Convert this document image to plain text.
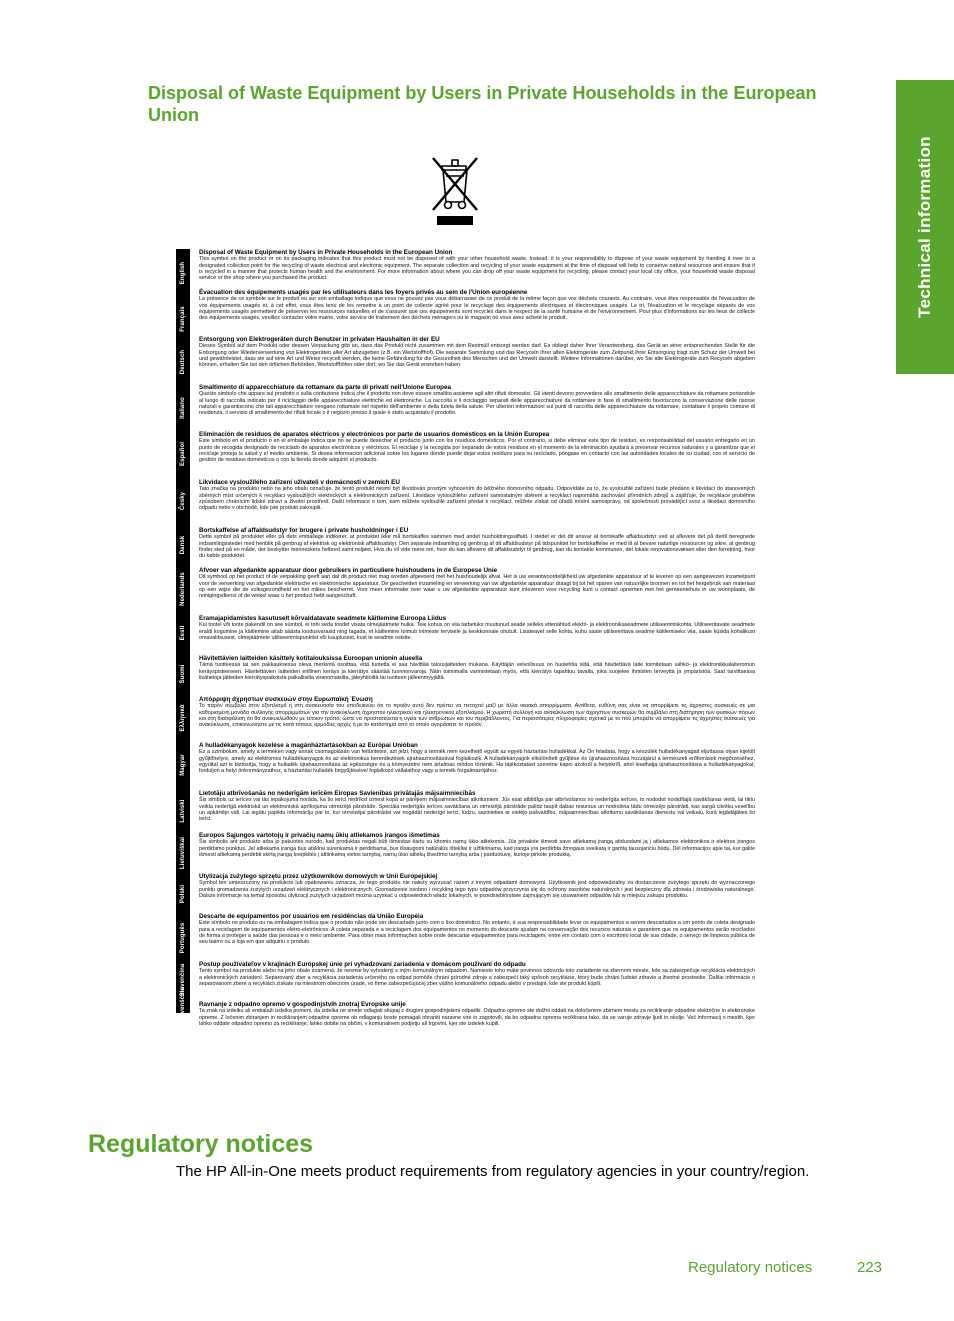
Technical information
Disposal of Waste Equipment by Users in Private Households in the European Union
English
Français
Deutsch
Italiano
Español
Česky
Dansk
Nederlands
Eesti
Suomi
Ελληνικά
Magyar
Latviski
Lietuviškai
Polski
Português
Slovenčina
Slovenščina
Disposal of Waste Equipment by Users in Private Households in the European Union
This symbol on the product or on its packaging indicates that this product must not be disposed of with your other household waste. Instead, it is your responsibility to dispose of your waste equipment by handing it over to a designated collection point for the recycling of waste electrical and electronic equipment. The separate collection and recycling of your waste equipment at the time of disposal will help to conserve natural resources and ensure that it is recycled in a manner that protects human health and the environment. For more information about where you can drop off your waste equipment for recycling, please contact your local city office, your household waste disposal service or the shop where you purchased the product.
Évacuation des équipements usagés par les utilisateurs dans les foyers privés au sein de l'Union européenne
La présence de ce symbole sur le produit ou sur son emballage indique que vous ne pouvez pas vous débarrasser de ce produit de la même façon que vos déchets courants. Au contraire, vous êtes responsable de l'évacuation de vos équipements usagés et, à cet effet, vous êtes tenu de les remettre à un point de collecte agréé pour le recyclage des équipements électriques et électroniques usagés. Le tri, l'évacuation et le recyclage séparés de vos équipements usagés permettent de préserver les ressources naturelles et de s'assurer que ces équipements sont recyclés dans le respect de la santé humaine et de l'environnement. Pour plus d'informations sur les lieux de collecte des équipements usagés, veuillez contacter votre mairie, votre service de traitement des déchets ménagers ou le magasin où vous avez acheté le produit.
Entsorgung von Elektrogeräten durch Benutzer in privaten Haushalten in der EU
Dieses Symbol auf dem Produkt oder dessen Verpackung gibt an, dass das Produkt nicht zusammen mit dem Restmüll entsorgt werden darf. Es obliegt daher Ihrer Verantwortung, das Gerät an einer entsprechenden Stelle für die Entsorgung oder Wiederverwertung von Elektrogeräten aller Art abzugeben (z.B. ein Wertstoffhof). Die separate Sammlung und das Recyceln Ihrer alten Elektrogeräte zum Zeitpunkt ihrer Entsorgung trägt zum Schutz der Umwelt bei und gewährleistet, dass sie auf eine Art und Weise recycelt werden, die keine Gefährdung für die Gesundheit des Menschen und der Umwelt darstellt. Weitere Informationen darüber, wo Sie alte Elektrogeräte zum Recyceln abgeben können, erhalten Sie bei den örtlichen Behörden, Wertstoffhöfen oder dort, wo Sie das Gerät erworben haben.
Smaltimento di apparecchiature da rottamare da parte di privati nell'Unione Europea
Questo simbolo che appare sul prodotto o sulla confezione indica che il prodotto non deve essere smaltito assieme agli altri rifiuti domestici. Gli utenti devono provvedere allo smaltimento delle apparecchiature da rottamare portandole al luogo di raccolta indicato per il riciclaggio delle apparecchiature elettriche ed elettroniche. La raccolta e il riciclaggio separati delle apparecchiature da rottamare in fase di smaltimento favoriscono la conservazione delle risorse naturali e garantiscono che tali apparecchiature vengano rottamate nel rispetto dell'ambiente e della tutela della salute. Per ulteriori informazioni sui punti di raccolta delle apparecchiature da rottamare, contattare il proprio comune di residenza, il servizio di smaltimento dei rifiuti locale o il negozio presso il quale è stato acquistato il prodotto.
Eliminación de residuos de aparatos eléctricos y electrónicos por parte de usuarios domésticos en la Unión Europea
Este símbolo en el producto o en el embalaje indica que no se puede desechar el producto junto con los residuos domésticos. Por el contrario, si debe eliminar este tipo de residuo, es responsabilidad del usuario entregarlo en un punto de recogida designado de reciclado de aparatos electrónicos y eléctricos. El reciclaje y la recogida por separado de estos residuos en el momento de la eliminación ayudará a preservar recursos naturales y a garantizar que el reciclaje proteja la salud y el medio ambiente. Si desea información adicional sobre los lugares donde puede dejar estos residuos para su reciclado, póngase en contacto con las autoridades locales de su ciudad, con el servicio de gestión de residuos domésticos o con la tienda donde adquirió el producto.
Likvidace vysloužilého zařízení uživateli v domácnosti v zemích EU
Tato značka na produktu nebo na jeho obalu označuje, že tento produkt nesmí být likvidován prostým vyhozením do běžného domovního odpadu. Odpovídáte za to, že vysloužilé zařízení bude předáno k likvidaci do stanovených sběrných míst určených k recyklaci vysloužilých elektrických a elektronických zařízení. Likvidace vysloužilého zařízení samostatným sběrem a recyklací napomáhá zachování přírodních zdrojů a zajišťuje, že recyklace proběhne způsobem chránícím lidské zdraví a životní prostředí. Další informace o tom, kam můžete vysloužilé zařízení předat k recyklaci, můžete získat od úřadů místní samosprávy, od společnosti provádějící svoz a likvidaci domovního odpadu nebo v obchodě, kde jste produkt zakoupili.
Bortskaffelse af affaldsudstyr for brugere i private husholdninger i EU
Dette symbol på produktet eller på dets emballage indikerer, at produktet ikke må bortskaffes sammen med andet husholdningsaffald. I stedet er det dit ansvar at bortskaffe affaldsudstyr ved at aflevere det på dertil beregnede indsamlingssteder med henblik på genbrug af elektrisk og elektronisk affaldsudstyr. Den separate indsamling og genbrug af dit affaldsudstyr på tidspunktet for bortskaffelse er med til at bevare naturlige ressourcer og sikre, at genbrug finder sted på en måde, der beskytter menneskers helbred samt miljøet. Hvis du vil vide mere om, hvor du kan aflevere dit affaldsudstyr til genbrug, kan du kontakte kommunen, det lokale renovationsvæsen eller den forretning, hvor du købte produktet.
Afvoer van afgedankte apparatuur door gebruikers in particuliere huishoudens in de Europese Unie
Dit symbool op het product of de verpakking geeft aan dat dit product niet mag worden afgevoerd met het huishoudelijk afval. Het is uw verantwoordelijkheid uw afgedankte apparatuur af te leveren op een aangewezen inzamelpunt voor de verwerking van afgedankte elektrische en elektronische apparatuur. De gescheiden inzameling en verwerking van uw afgedankte apparatuur draagt bij tot het sparen van natuurlijke bronnen en tot het hergebruik van materiaal op een wijze die de volksgezondheid en het milieu beschermt. Voor meer informatie over waar u uw afgedankte apparatuur kunt inleveren voor recycling kunt u contact opnemen met het gemeentehuis in uw woonplaats, de reinigingsdienst of de winkel waar u het product hebt aangeschaft.
Eramajapidamistes kasutuselt kõrvaldatavate seadmete käitlemine Euroopa Liidus
Kui tootel või toote pakendil on see sümbol, ei tohi seda toodet visata olmejäätmete hulka. Teie kohus on viia tarbetuks muutunud seade selleks ettenähtud elektri- ja elektroonikaseadmete utiliseerimiskohta. Utiliseeritavate seadmete eraldi kogumine ja käitlemine aitab säästa loodusvarasid ning tagada, et käitlemine toimub inimeste tervisele ja keskkonnale ohutult. Lisateavet selle kohta, kuhu saate utiliseeritava seadme käitlemiseks viia, saate küsida kohalikust omavalitsusest, olmejäätmete utiliseerimispunktist või kauplusest, kust te seadme ostsite.
Hävitettävien laitteiden käsittely kotitalouksissa Euroopan unionin alueella
Tämä tuotteessa tai sen pakkauksessa oleva merkintä osoittaa, että tuotetta ei saa hävittää talousjätteiden mukana. Käyttäjän velvollisuus on huolehtia siitä, että hävitettävä laite toimitetaan sähkö- ja elektroniikkalaiteromun keräyspisteeseen. Hävitettävien laitteiden erillinen keräys ja kierrätys säästää luonnonvaroja. Näin toimimalla varmistetaan myös, että kierrätys tapahtuu tavalla, joka suojelee ihmisten terveyttä ja ympäristöä. Saat tarvittaessa lisätietoja jätteiden kierrätyspaikoista paikallisilta viranomaisilta, jäteyhtiöiltä tai tuotteen jälleenmyyjältä.
Απόρριψη άχρηστων συσκευών στην Ευρωπαϊκή Ένωση
Το παρόν σύμβολο στον εξοπλισμό ή στη συσκευασία του υποδεικνύει ότι το προϊόν αυτό δεν πρέπει να πεταχτεί μαζί με άλλα οικιακά απορρίμματα. Αντίθετα, ευθύνη σας είναι να απορρίψετε τις άχρηστες συσκευές σε μια καθορισμένη μονάδα συλλογής απορριμμάτων για την ανακύκλωση άχρηστου ηλεκτρικού και ηλεκτρονικού εξοπλισμού. Η χωριστή συλλογή και ανακύκλωση των άχρηστων συσκευών θα συμβάλει στη διατήρηση των φυσικών πόρων και στη διασφάλιση ότι θα ανακυκλωθούν με τέτοιον τρόπο, ώστε να προστατεύεται η υγεία των ανθρώπων και του περιβάλλοντος. Για περισσότερες πληροφορίες σχετικά με το πού μπορείτε να απορρίψετε τις άχρηστες συσκευές για ανακύκλωση, επικοινωνήστε με τις κατά τόπους αρμόδιες αρχές ή με το κατάστημα από το οποίο αγοράσατε το προϊόν.
A hulladékanyagok kezelése a magánháztartásokban az Európai Unióban
Ez a szimbólum, amely a terméken vagy annak csomagolásán van feltüntetve, azt jelzi, hogy a termék nem kezelhető együtt az egyéb háztartási hulladékkal. Az Ön feladata, hogy a készülék hulladékanyagait eljuttassa olyan kijelölt gyűjtőhelyre, amely az elektromos hulladékanyagok és az elektronikus berendezések újrahasznosításával foglalkozik. A hulladékanyagok elkülönített gyűjtése és újrahasznosítása hozzájárul a természeti erőforrások megőrzéséhez, egyúttal azt is biztosítja, hogy a hulladék újrahasznosítása az egészségre és a környezetre nem ártalmas módon történik. Ha tájékoztatást szeretne kapni azokról a helyekről, ahol leadhatja újrahasznosításra a hulladékanyagokat, forduljon a helyi önkormányzathoz, a háztartási hulladék begyűjtésével foglalkozó vállalathoz vagy a termék forgalmazójához.
Lietotāju atbrīvošanās no nederīgām ierīcēm Eiropas Savienības privātajās mājsaimniecībās
Šis simbols uz ierīces vai tās iepakojuma norāda, ka šo ierīci nedrīkst izmest kopā ar pārējiem mājsaimniecības atkritumiem. Jūs esat atbildīgs par atbrīvošanos no nederīgās ierīces, to nododot norādītajā savākšanas vietā, lai tiktu veikta nederīgā elektriskā un elektroniskā aprīkojuma otrreizējā pārstrāde. Speciāla nederīgās ierīces savākšana un otrreizējā pārstrāde palīdz taupīt dabas resursus un nodrošina tādu otrreizējo pārstrādi, kas sargā cilvēku veselību un apkārtējo vidi. Lai iegūtu papildu informāciju par to, kur otrreizējai pārstrādei var nogādāt nederīgo ierīci, lūdzu, sazinieties ar vietējo pašvaldību, mājsaimniecības atkritumu savākšanas dienestu vai veikalu, kurā iegādājāties šo ierīci.
Europos Sąjungos vartotojų ir privačių namų ūkių atliekamos įrangos išmetimas
Šis simbolis ant produkto arba jo pakuotės nurodo, kad produktas negali būti išmestas kartu su kitomis namų ūkio atliekomis. Jūs privalote išmesti savo atliekamą įrangą atiduodami ją į atliekamos elektronikos ir elektros įrangos perdirbimo punktus. Jei atliekama įranga bus atskirai surenkama ir perdirbama, bus išsaugomi natūralūs ištekliai ir užtikrinama, kad įranga yra perdirbta žmogaus sveikatą ir gamtą tausojančiu būdu. Dėl informacijos apie tai, kur galite išmesti atliekamą perdirbti skirtą įrangą kreipkitės į atitinkamą vietos tarnybą, namų ūkio atliekų išvežimo tarnybą arba į parduotuvę, kurioje pirkote produktą.
Utylizacja zużytego sprzętu przez użytkowników domowych w Unii Europejskiej
Symbol ten umieszczony na produkcie lub opakowaniu oznacza, że tego produktu nie należy wyrzucać razem z innymi odpadami domowymi. Użytkownik jest odpowiedzialny za dostarczenie zużytego sprzętu do wyznaczonego punktu gromadzenia zużytych urządzeń elektrycznych i elektronicznych. Gromadzenie osobno i recykling tego typu odpadów przyczynia się do ochrony zasobów naturalnych i jest bezpieczny dla zdrowia i środowiska naturalnego. Dalsze informacje na temat sposobu utylizacji zużytych urządzeń można uzyskać u odpowiednich władz lokalnych, w przedsiębiorstwie zajmującym się usuwaniem odpadów lub w miejscu zakupu produktu.
Descarte de equipamentos por usuários em residências da União Européia
Este símbolo no produto ou na embalagem indica que o produto não pode ser descartado junto com o lixo doméstico. No entanto, é sua responsabilidade levar os equipamentos a serem descartados a um ponto de coleta designado para a reciclagem de equipamentos eletro-eletrônicos. A coleta separada e a reciclagem dos equipamentos no momento do descarte ajudam na conservação dos recursos naturais e garantem que os equipamentos serão reciclados de forma a proteger a saúde das pessoas e o meio ambiente. Para obter mais informações sobre onde descartar equipamentos para reciclagem, entre em contato com o escritório local de sua cidade, o serviço de limpeza pública de seu bairro ou a loja em que adquiriu o produto.
Postup používateľov v krajinách Európskej únie pri vyhadzovaní zariadenia v domácom používaní do odpadu
Tento symbol na produkte alebo na jeho obale znamená, že nesmie by vyhodený s iným komunálnym odpadom. Namiesto toho máte povinnos odovzda toto zariadenie na zbernom mieste, kde sa zabezpečuje recyklácia elektrických a elektronických zariadení. Separovaný zber a recyklácia zariadenia určeného na odpad pomôže chráni prírodné zdroje a zabezpečí taký spôsob recyklácie, ktorý bude chráni ľudské zdravie a životné prostredie. Ďalšie informácie o separovanom zbere a recyklácii získate na miestnom obecnom úrade, vo firme zabezpečujúcej zber vášho komunálneho odpadu alebo v predajni, kde ste produkt kúpili.
Ravnanje z odpadno opremo v gospodinjstvih znotraj Evropske unije
Ta znak na izdelku ali embalaži izdelka pomeni, da izdelka ne smete odlagati skupaj z drugimi gospodinjskimi odpadki. Odpadno opremo ste dolžni oddati na določenem zbirnem mestu za recikliranje odpadne električne in elektronske opreme. Z ločenim zbiranjem in recikliranjem odpadne opreme ob odlaganju boste pomagali ohraniti naravne vire in zagotovili, da bo odpadna oprema reciklirana tako, da se varuje zdravje ljudi in okolje. Več informacij o mestih, kjer lahko oddate odpadno opremo za recikliranje, lahko dobite na občini, v komunalnem podjetju ali trgovini, kjer ste izdelek kupili.
Regulatory notices

The HP All-in-One meets product requirements from regulatory agencies in your country/region.

Regulatory notices	223
